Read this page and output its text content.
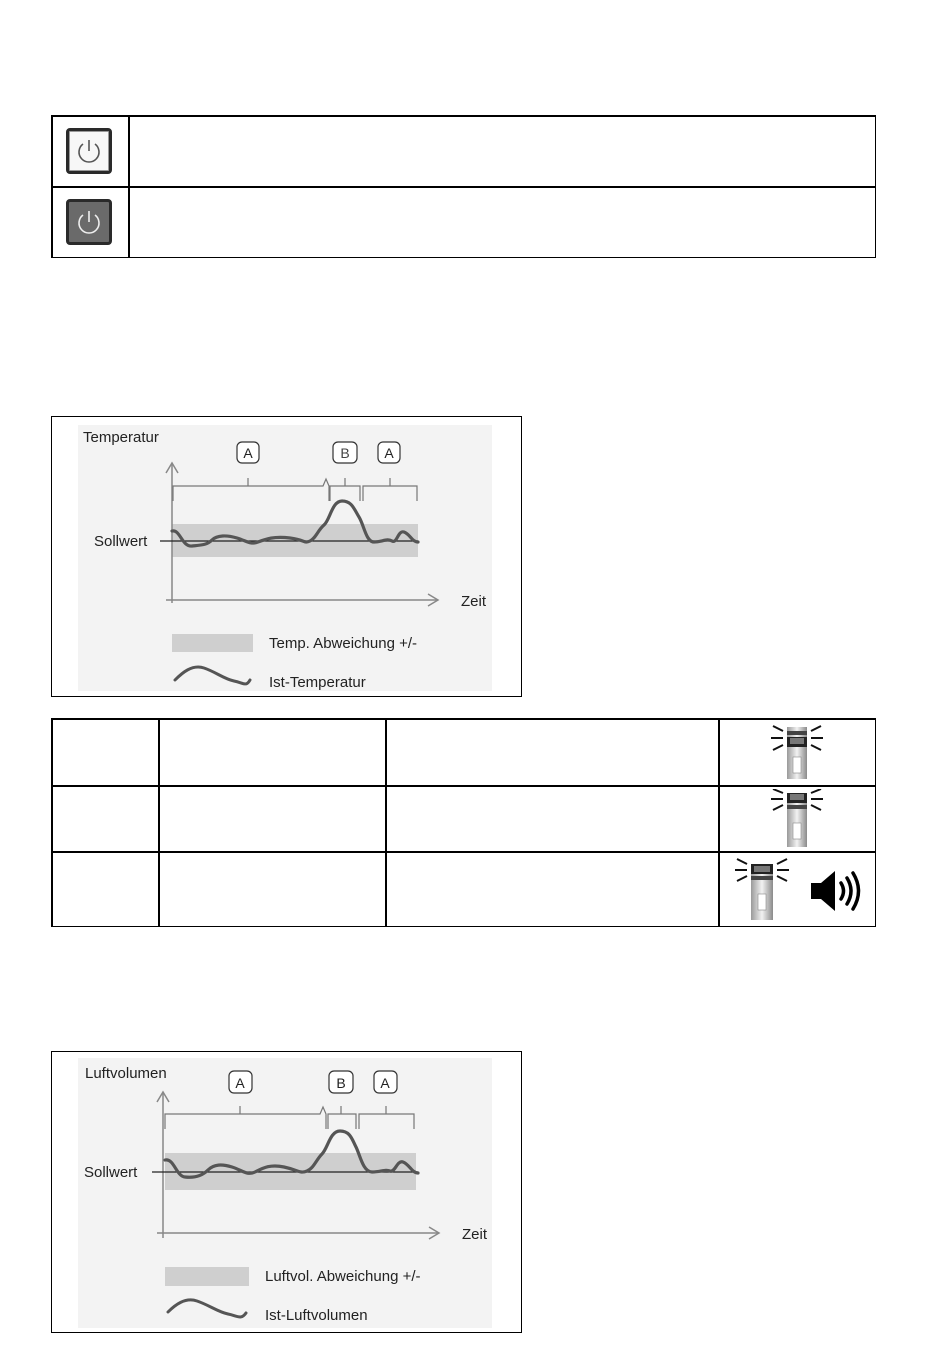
A	B A
Temperatur
Sollwert
Zeit
Temp. Abweichung +/-
Ist-Temperatur
A	B A
Luftvolumen
Sollwert
Zeit
Luftvol. Abweichung +/-
Ist-Luftvolumen
